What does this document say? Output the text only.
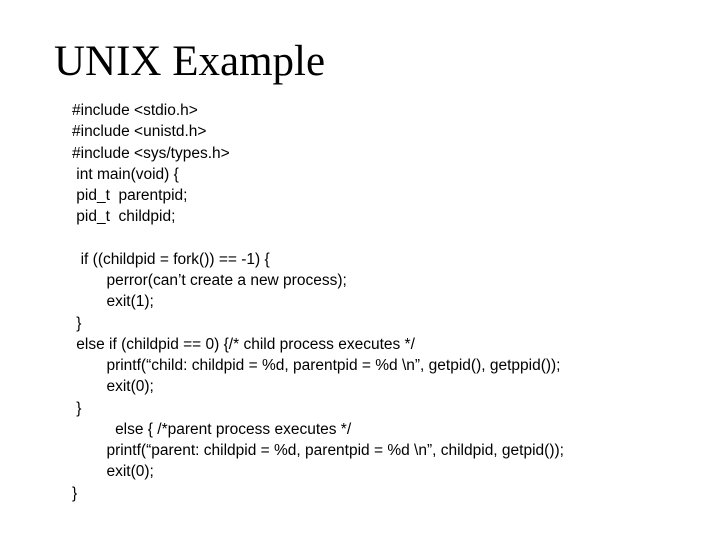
UNIX Example
#include <stdio.h>
#include <unistd.h>
#include <sys/types.h>
int main(void) {
pid_t  parentpid;
pid_t  childpid;
if ((childpid = fork()) == -1) {
perror(can’t create a new process);
exit(1);
}
else if (childpid == 0) {/* child process executes */
printf(“child: childpid = %d, parentpid = %d \n”, getpid(), getppid());
exit(0);
}
else { /*parent process executes */
printf(“parent: childpid = %d, parentpid = %d \n”, childpid, getpid());
exit(0);
}
